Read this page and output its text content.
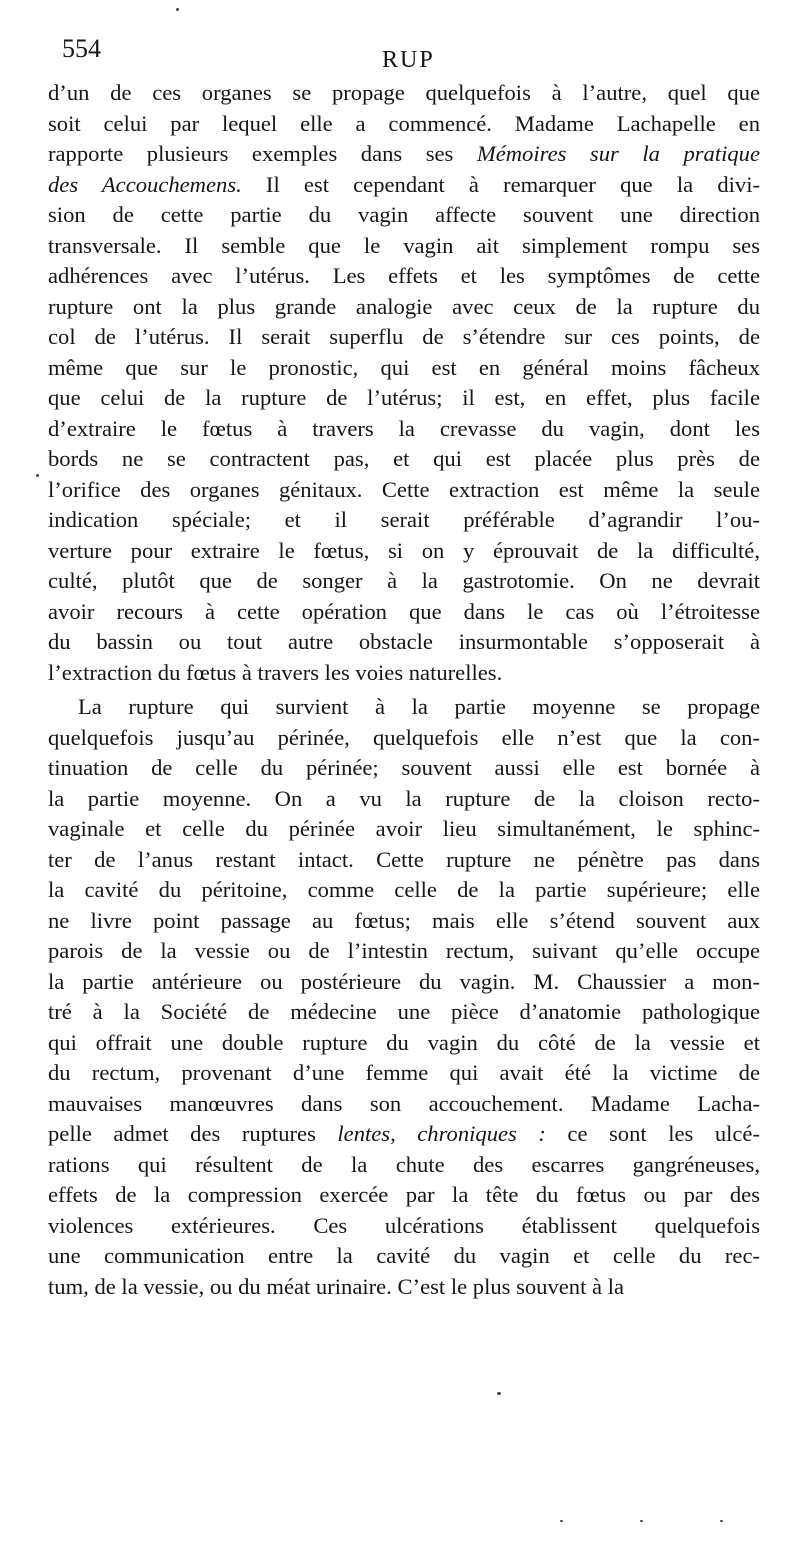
554	RUP
d’un de ces organes se propage quelquefois à l’autre, quel que
soit celui par lequel elle a commencé. Madame Lachapelle en
rapporte plusieurs exemples dans ses Mémoires sur la pratique
des Accouchemens. Il est cependant à remarquer que la divi-
sion de cette partie du vagin affecte souvent une direction
transversale. Il semble que le vagin ait simplement rompu ses
adhérences avec l’utérus. Les effets et les symptômes de cette
rupture ont la plus grande analogie avec ceux de la rupture du
col de l’utérus. Il serait superflu de s’étendre sur ces points, de
même que sur le pronostic, qui est en général moins fâcheux
que celui de la rupture de l’utérus; il est, en effet, plus facile
d’extraire le fœtus à travers la crevasse du vagin, dont les
bords ne se contractent pas, et qui est placée plus près de
l’orifice des organes génitaux. Cette extraction est même la seule
indication spéciale; et il serait préférable d’agrandir l’ou-
verture pour extraire le fœtus, si on y éprouvait de la difficulté,
culté, plutôt que de songer à la gastrotomie. On ne devrait
avoir recours à cette opération que dans le cas où l’étroitesse
du bassin ou tout autre obstacle insurmontable s’opposerait à
l’extraction du fœtus à travers les voies naturelles.
La rupture qui survient à la partie moyenne se propage
quelquefois jusqu’au périnée, quelquefois elle n’est que la con-
tinuation de celle du périnée; souvent aussi elle est bornée à
la partie moyenne. On a vu la rupture de la cloison recto-
vaginale et celle du périnée avoir lieu simultanément, le sphinc-
ter de l’anus restant intact. Cette rupture ne pénètre pas dans
la cavité du péritoine, comme celle de la partie supérieure; elle
ne livre point passage au fœtus; mais elle s’étend souvent aux
parois de la vessie ou de l’intestin rectum, suivant qu’elle occupe
la partie antérieure ou postérieure du vagin. M. Chaussier a mon-
tré à la Société de médecine une pièce d’anatomie pathologique
qui offrait une double rupture du vagin du côté de la vessie et
du rectum, provenant d’une femme qui avait été la victime de
mauvaises manœuvres dans son accouchement. Madame Lacha-
pelle admet des ruptures lentes, chroniques : ce sont les ulcé-
rations qui résultent de la chute des escarres gangréneuses,
effets de la compression exercée par la tête du fœtus ou par des
violences extérieures. Ces ulcérations établissent quelquefois
une communication entre la cavité du vagin et celle du rec-
tum, de la vessie, ou du méat urinaire. C’est le plus souvent à la
